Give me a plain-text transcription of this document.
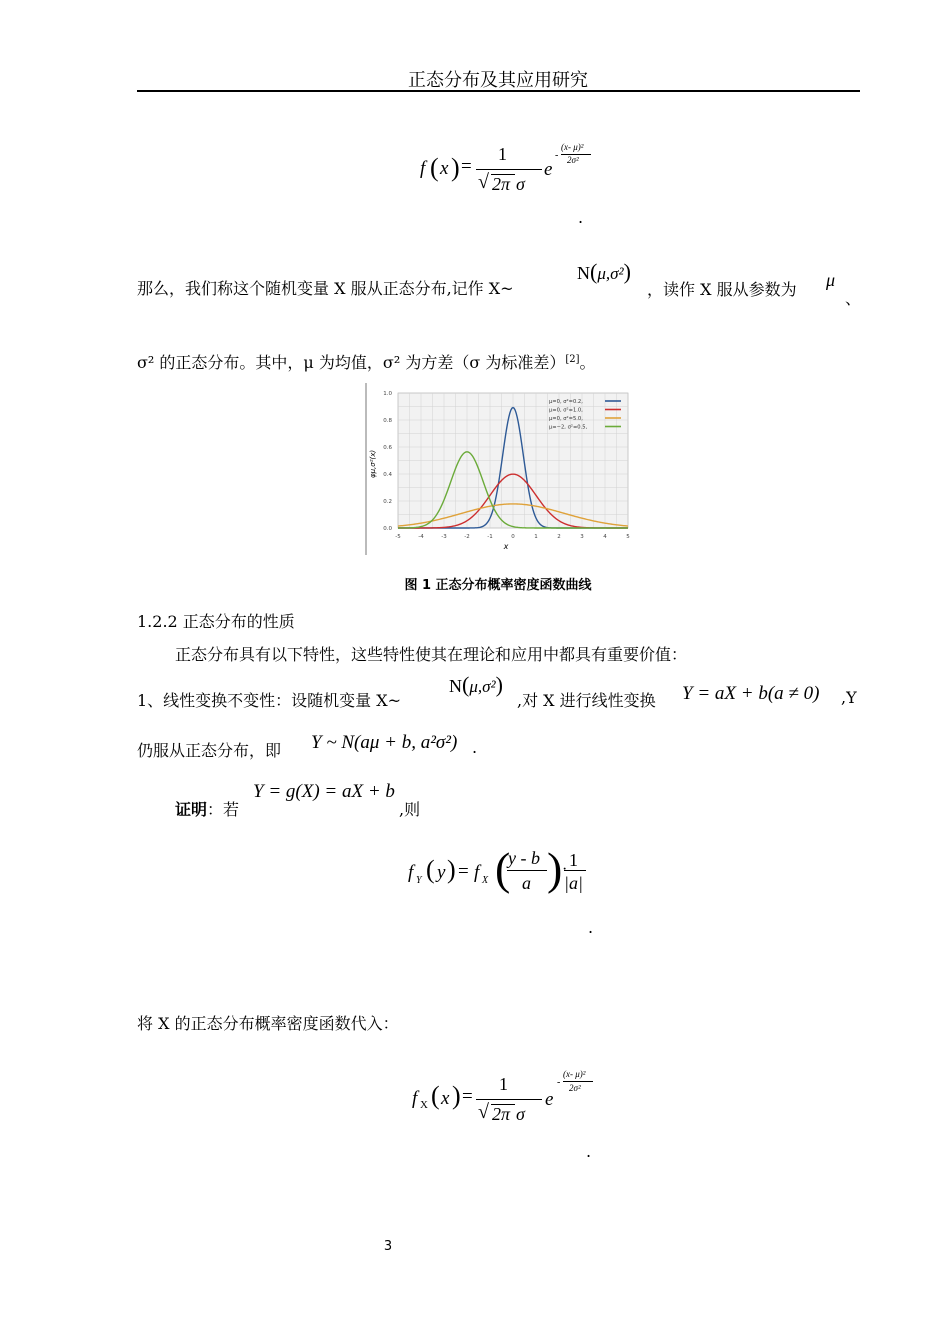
正态分布及其应用研究
f ( x ) =
1
√ 2π σ
e
-
(x- μ)²
2σ²
.
那么，我们称这个随机变量 X 服从正态分布,记作 X~
N(μ,σ²)
，读作 X 服从参数为 μ
、
σ² 的正态分布。其中，μ 为均值，σ² 为方差（σ 为标准差）[2]。
-5	-4	-3	-2	-1	0	1	2	3	4	5
0.0
0.2
0.4
0.6
0.8
1.0
μ=0, σ²=0.2,
μ=0, σ²=1.0,
μ=0, σ²=5.0,
μ=−2, σ²=0.5,
φμ,σ²(x)
x
图 1 正态分布概率密度函数曲线
1.2.2 正态分布的性质
正态分布具有以下特性，这些特性使其在理论和应用中都具有重要价值：
1、线性变换不变性：设随机变量 X~
N(μ,σ²)
,对 X 进行线性变换 Y = aX + b(a ≠ 0) ,Y
仍服从正态分布，即 Y ~ N(aμ + b, a²σ²) .
证明：若
Y = g(X) = aX + b
,则
f Y ( y ) = f X (
y - b
a ) · 1
|a|
.
将 X 的正态分布概率密度函数代入：
f X ( x ) =
1
√ 2π σ
e
-
(x- μ)²
2σ²
.
3
